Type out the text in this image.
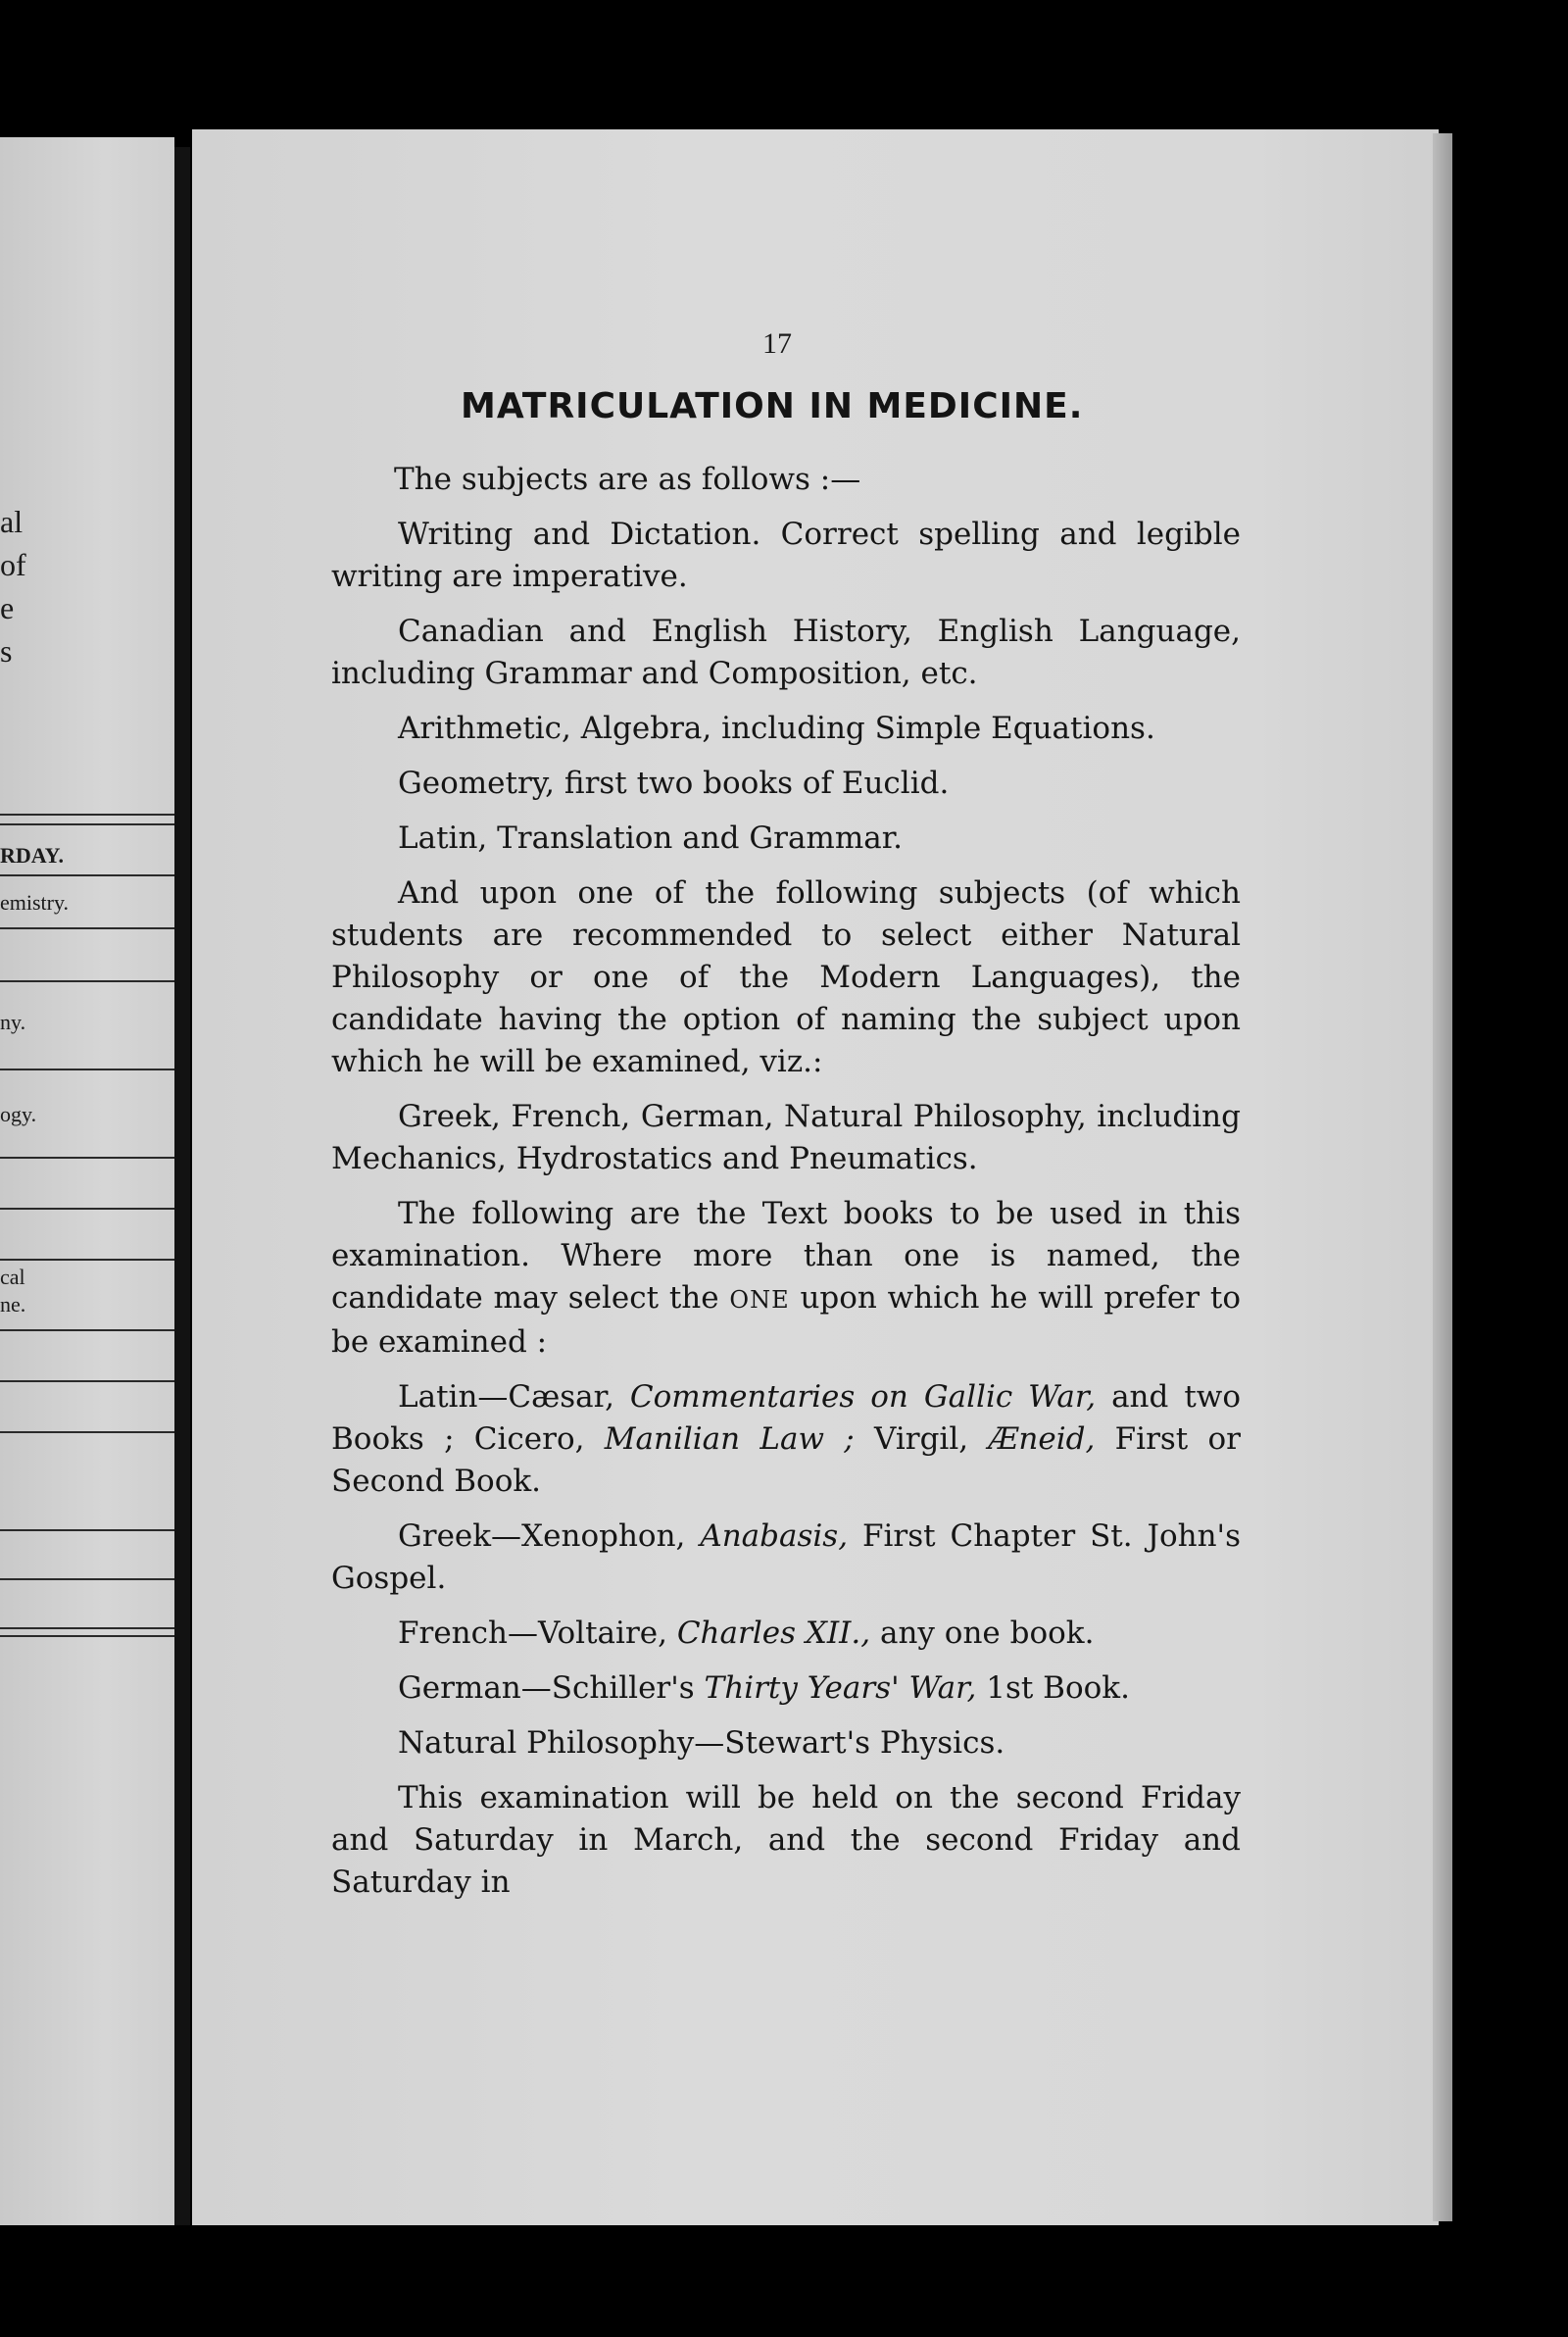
al
of
e
s
RDAY.
emistry.
ny.
ogy.
cal
ne.
17
MATRICULATION IN MEDICINE.

The subjects are as follows :—

Writing and Dictation. Correct spelling and legible writing are imperative.

Canadian and English History, English Language, including Grammar and Composition, etc.

Arithmetic, Algebra, including Simple Equations.

Geometry, first two books of Euclid.

Latin, Translation and Grammar.

And upon one of the following subjects (of which students are recommended to select either Natural Philosophy or one of the Modern Languages), the candidate having the option of naming the subject upon which he will be examined, viz.:

Greek, French, German, Natural Philosophy, including Mechanics, Hydrostatics and Pneumatics.

The following are the Text books to be used in this examination. Where more than one is named, the candidate may select the ONE upon which he will prefer to be examined :

Latin—Cæsar, Commentaries on Gallic War, and two Books ; Cicero, Manilian Law ; Virgil, Æneid, First or Second Book.

Greek—Xenophon, Anabasis, First Chapter St. John's Gospel.

French—Voltaire, Charles XII., any one book.

German—Schiller's Thirty Years' War, 1st Book.

Natural Philosophy—Stewart's Physics.

This examination will be held on the second Friday and Saturday in March, and the second Friday and Saturday in
